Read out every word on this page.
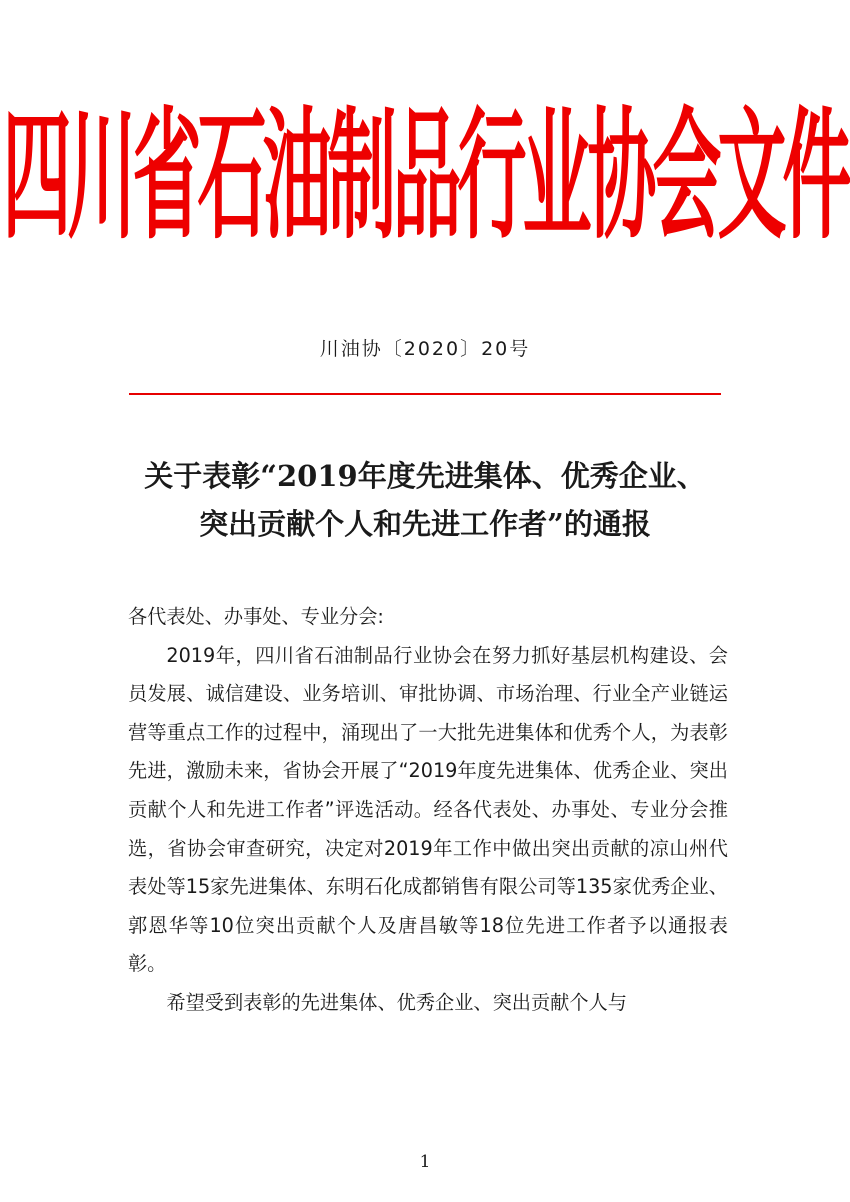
四川省石油制品行业协会文件
川油协〔2020〕20号
关于表彰“2019年度先进集体、优秀企业、
突出贡献个人和先进工作者”的通报

各代表处、办事处、专业分会:

2019年，四川省石油制品行业协会在努力抓好基层机构建设、会员发展、诚信建设、业务培训、审批协调、市场治理、行业全产业链运营等重点工作的过程中，涌现出了一大批先进集体和优秀个人，为表彰先进，激励未来，省协会开展了“2019年度先进集体、优秀企业、突出贡献个人和先进工作者”评选活动。经各代表处、办事处、专业分会推选，省协会审查研究，决定对2019年工作中做出突出贡献的凉山州代表处等15家先进集体、东明石化成都销售有限公司等135家优秀企业、郭恩华等10位突出贡献个人及唐昌敏等18位先进工作者予以通报表彰。

希望受到表彰的先进集体、优秀企业、突出贡献个人与

1
